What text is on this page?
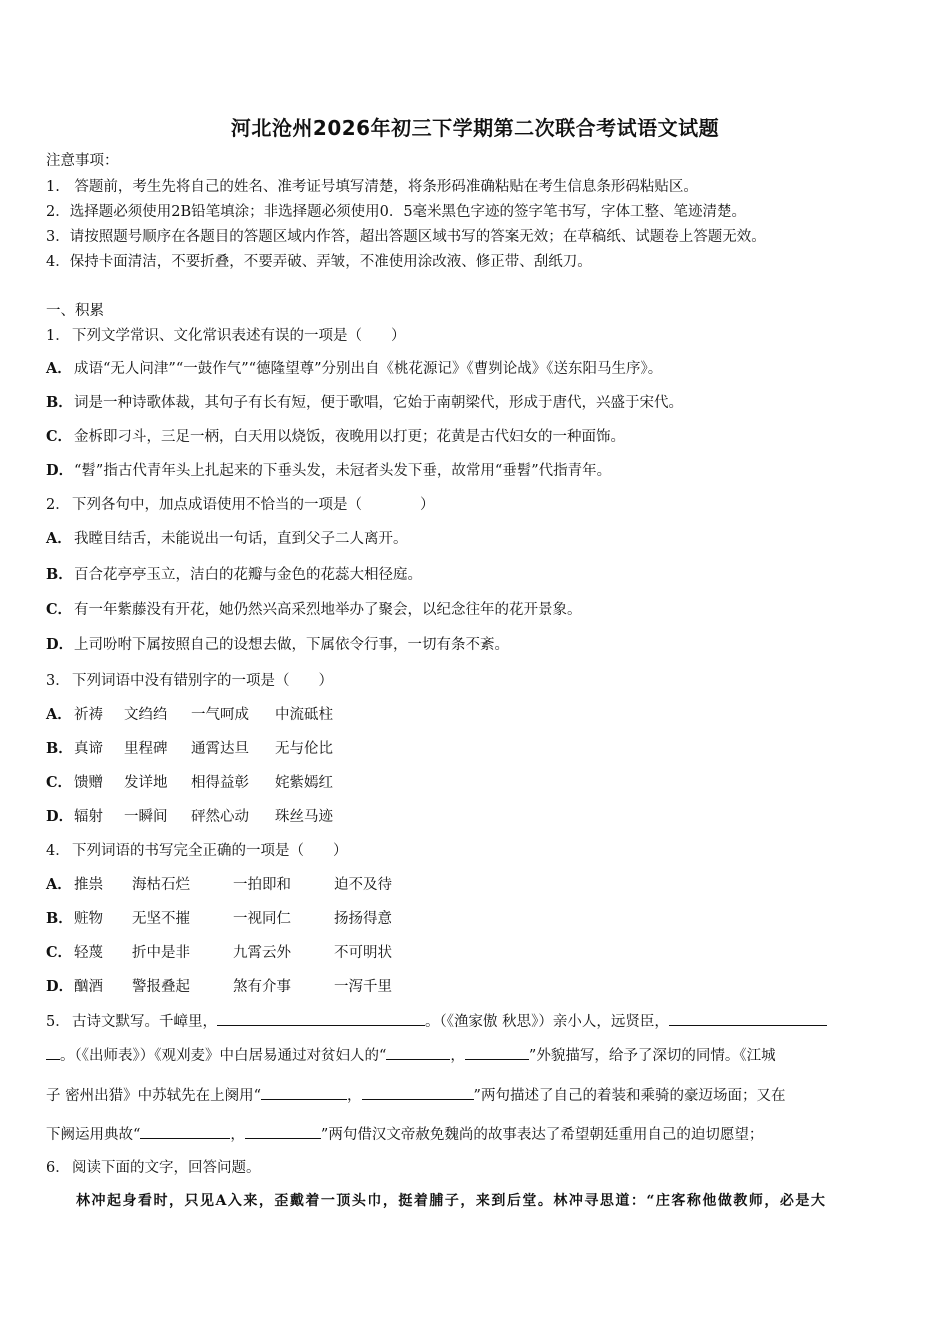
河北沧州2026年初三下学期第二次联合考试语文试题
注意事项：
1.　答题前，考生先将自己的姓名、准考证号填写清楚，将条形码准确粘贴在考生信息条形码粘贴区。
2．选择题必须使用2B铅笔填涂；非选择题必须使用0．5毫米黑色字迹的签字笔书写，字体工整、笔迹清楚。
3．请按照题号顺序在各题目的答题区域内作答，超出答题区域书写的答案无效；在草稿纸、试题卷上答题无效。
4．保持卡面清洁，不要折叠，不要弄破、弄皱，不准使用涂改液、修正带、刮纸刀。
一、积累
1． 下列文学常识、文化常识表述有误的一项是（　　）
A． 成语“无人问津”“一鼓作气”“德隆望尊”分别出自《桃花源记》《曹刿论战》《送东阳马生序》。
B．词是一种诗歌体裁，其句子有长有短，便于歌唱，它始于南朝梁代，形成于唐代，兴盛于宋代。
C． 金柝即刁斗，三足一柄，白天用以烧饭，夜晚用以打更；花黄是古代妇女的一种面饰。
D．“髫”指古代青年头上扎起来的下垂头发，未冠者头发下垂，故常用“垂髫”代指青年。
2． 下列各句中，加点成语使用不恰当的一项是（　　　　）
A． 我瞠目结舌，未能说出一句话，直到父子二人离开。
B．百合花亭亭玉立，洁白的花瓣与金色的花蕊大相径庭。
C． 有一年紫藤没有开花，她仍然兴高采烈地举办了聚会，以纪念往年的花开景象。
D．上司吩咐下属按照自己的设想去做，下属依令行事，一切有条不紊。
3． 下列词语中没有错别字的一项是（　　）
A． 祈祷 文绉绉 一气呵成 中流砥柱
B．真谛 里程碑 通霄达旦 无与伦比
C． 馈赠 发详地 相得益彰 姹紫嫣红
D．辐射 一瞬间 砰然心动 珠丝马迹
4． 下列词语的书写完全正确的一项是（　　）
A． 推祟 海枯石烂	一拍即和	迫不及待
B．赃物 无坚不摧	一视同仁	扬扬得意
C． 轻蔑 折中是非	九霄云外	不可明状
D．酗酒 警报叠起	煞有介事	一泻千里
5． 古诗文默写。千嶂里，	。（《渔家傲 秋思》）亲小人，远贤臣，
。（《出师表》）《观刈麦》中白居易通过对贫妇人的“	，	”外貌描写，给予了深切的同情。《江城
子 密州出猎》中苏轼先在上阕用“	，	”两句描述了自己的着装和乘骑的豪迈场面；又在
下阙运用典故“	，	”两句借汉文帝赦免魏尚的故事表达了希望朝廷重用自己的迫切愿望；
6． 阅读下面的文字，回答问题。
林冲起身看时，只见A入来，歪戴着一顶头巾，挺着脯子，来到后堂。林冲寻思道：“庄客称他做教师，必是大
